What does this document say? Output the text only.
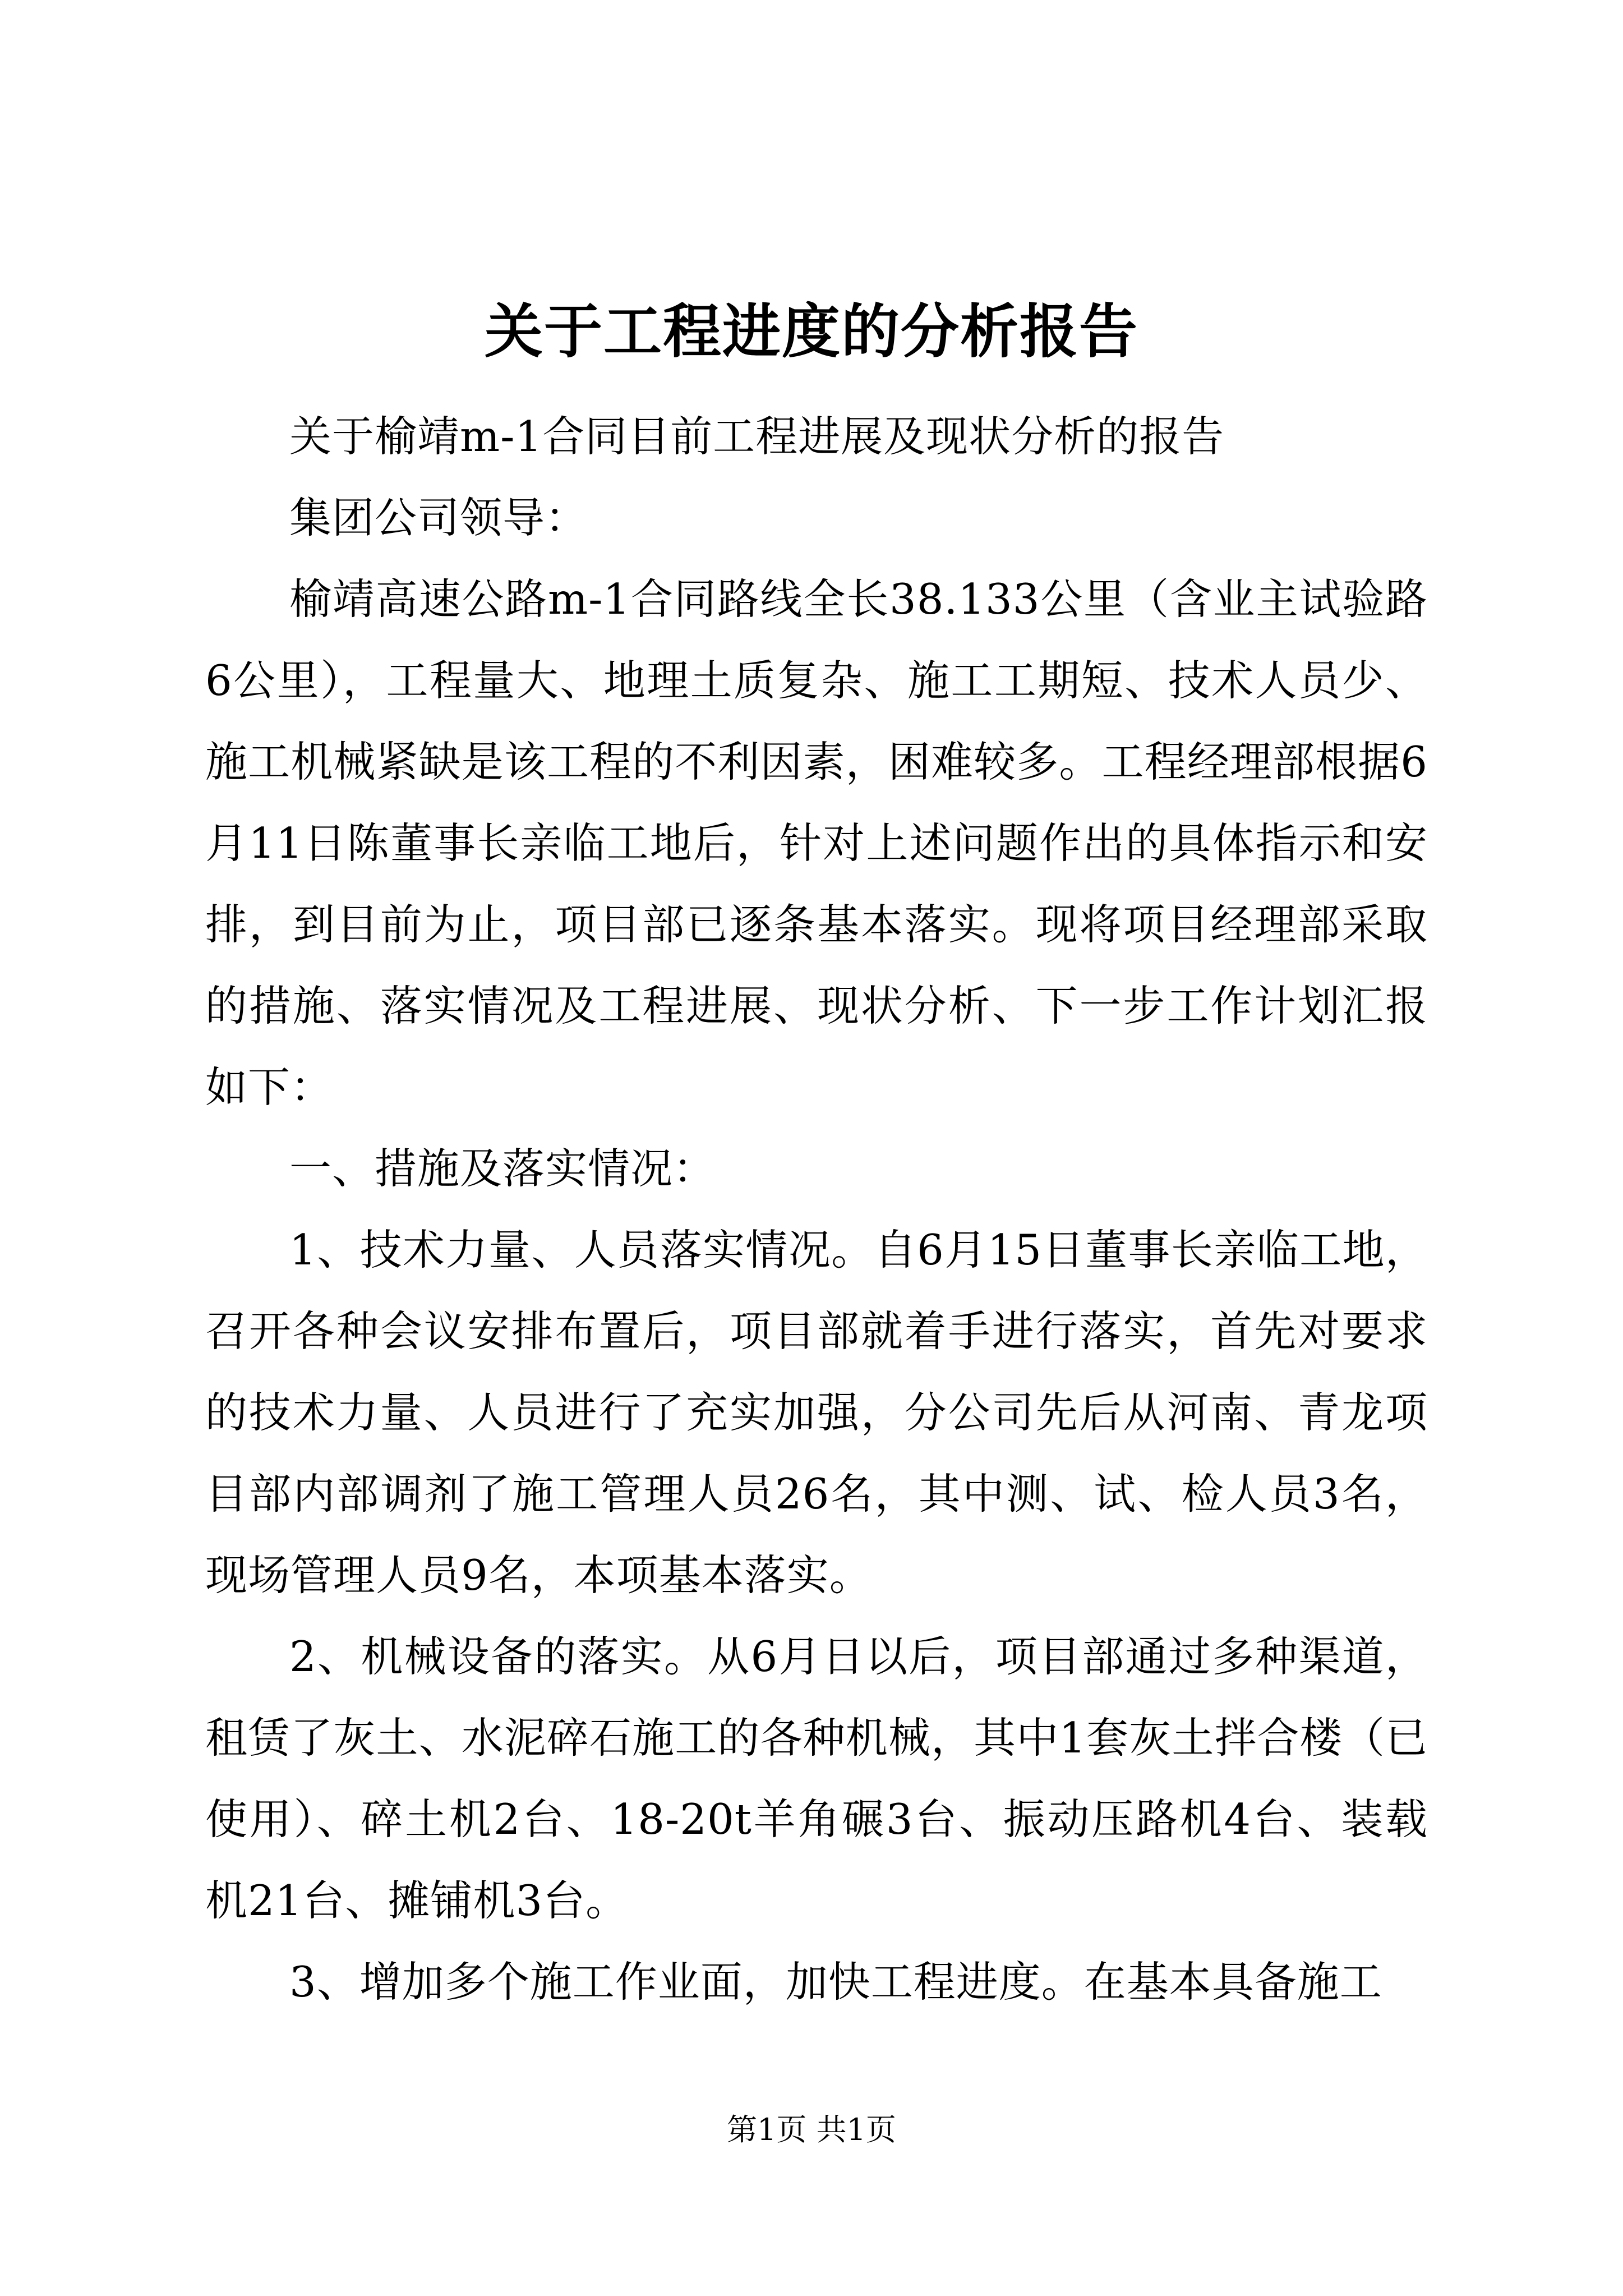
关于工程进度的分析报告

关于榆靖m-1合同目前工程进展及现状分析的报告

集团公司领导：

榆靖高速公路m-1合同路线全长38.133公里（含业主试验路6公里），工程量大、地理土质复杂、施工工期短、技术人员少、施工机械紧缺是该工程的不利因素，困难较多。工程经理部根据6月11日陈董事长亲临工地后，针对上述问题作出的具体指示和安排，到目前为止，项目部已逐条基本落实。现将项目经理部采取的措施、落实情况及工程进展、现状分析、下一步工作计划汇报如下：

一、措施及落实情况：

1、技术力量、人员落实情况。自6月15日董事长亲临工地，召开各种会议安排布置后，项目部就着手进行落实，首先对要求的技术力量、人员进行了充实加强，分公司先后从河南、青龙项目部内部调剂了施工管理人员26名，其中测、试、检人员3名，现场管理人员9名，本项基本落实。

2、机械设备的落实。从6月日以后，项目部通过多种渠道，租赁了灰土、水泥碎石施工的各种机械，其中1套灰土拌合楼（已使用）、碎土机2台、18-20t羊角碾3台、振动压路机4台、装载机21台、摊铺机3台。

3、增加多个施工作业面，加快工程进度。在基本具备施工

第1页 共1页
